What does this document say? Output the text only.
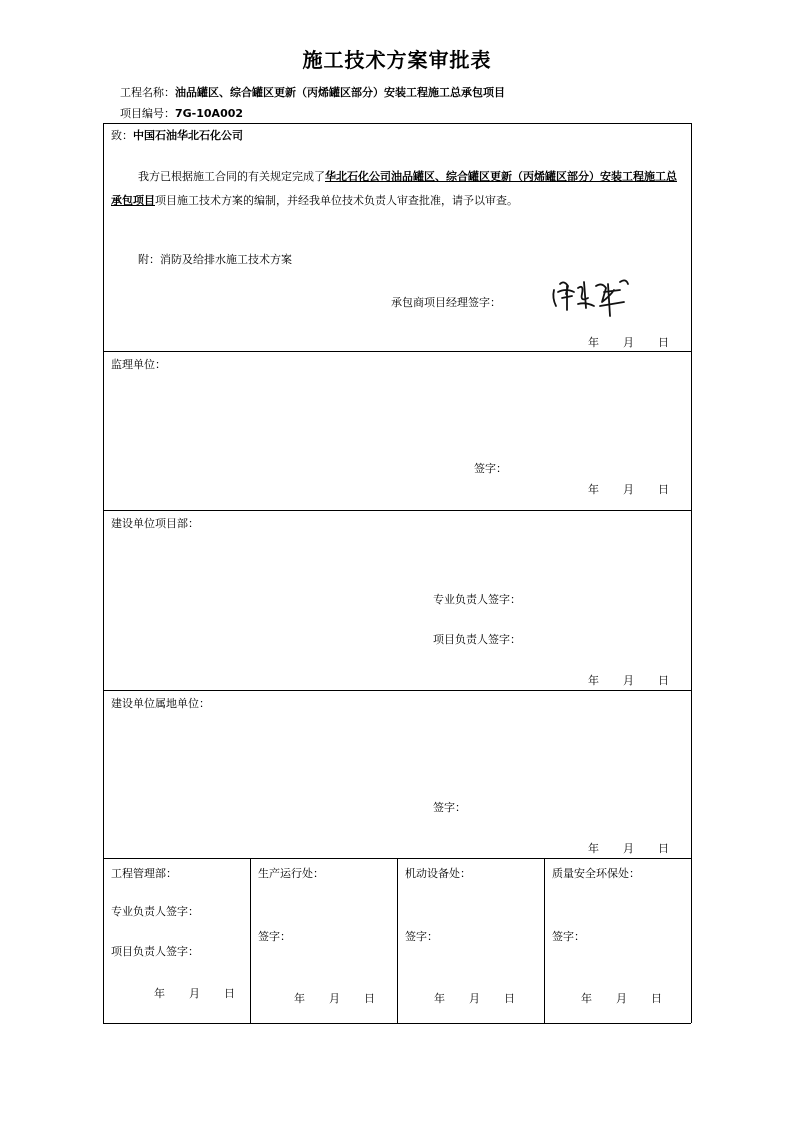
施工技术方案审批表
工程名称：油品罐区、综合罐区更新（丙烯罐区部分）安装工程施工总承包项目
项目编号：7G-10A002
致：中国石油华北石化公司
我方已根据施工合同的有关规定完成了华北石化公司油品罐区、综合罐区更新（丙烯罐区部分）安装工程施工总承包项目项目施工技术方案的编制，并经我单位技术负责人审查批准，请予以审查。
附：消防及给排水施工技术方案
承包商项目经理签字：
年 月 日
监理单位：
签字：
年 月 日
建设单位项目部：
专业负责人签字：
项目负责人签字：
年 月 日
建设单位属地单位：
签字：
年 月 日
工程管理部：
专业负责人签字：
项目负责人签字：
年 月 日
生产运行处：
签字：
年 月 日
机动设备处：
签字：
年 月 日
质量安全环保处：
签字：
年 月 日
